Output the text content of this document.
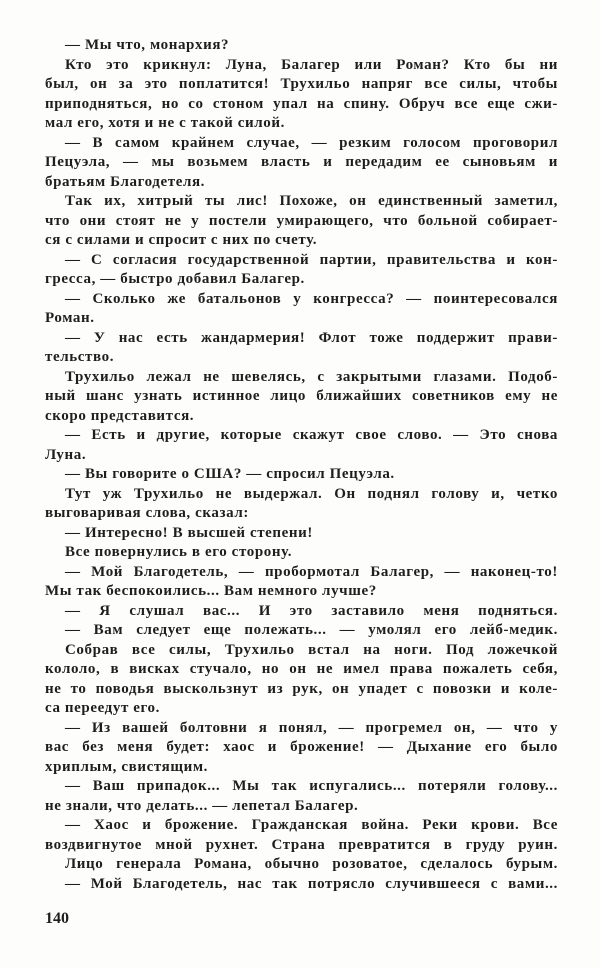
— Мы что, монархия?
Кто это крикнул: Луна, Балагер или Роман? Кто бы ни
был, он за это поплатится! Трухильо напряг все силы, чтобы
приподняться, но со стоном упал на спину. Обруч все еще сжи-
мал его, хотя и не с такой силой.
— В самом крайнем случае, — резким голосом проговорил
Пецуэла, — мы возьмем власть и передадим ее сыновьям и
братьям Благодетеля.
Так их, хитрый ты лис! Похоже, он единственный заметил,
что они стоят не у постели умирающего, что больной собирает-
ся с силами и спросит с них по счету.
— С согласия государственной партии, правительства и кон-
гресса, — быстро добавил Балагер.
— Сколько же батальонов у конгресса? — поинтересовался
Роман.
— У нас есть жандармерия! Флот тоже поддержит прави-
тельство.
Трухильо лежал не шевелясь, с закрытыми глазами. Подоб-
ный шанс узнать истинное лицо ближайших советников ему не
скоро представится.
— Есть и другие, которые скажут свое слово. — Это снова
Луна.
— Вы говорите о США? — спросил Пецуэла.
Тут уж Трухильо не выдержал. Он поднял голову и, четко
выговаривая слова, сказал:
— Интересно! В высшей степени!
Все повернулись в его сторону.
— Мой Благодетель, — пробормотал Балагер, — наконец-то!
Мы так беспокоились... Вам немного лучше?
— Я слушал вас... И это заставило меня подняться.
— Вам следует еще полежать... — умолял его лейб-медик.
Собрав все силы, Трухильо встал на ноги. Под ложечкой
кололо, в висках стучало, но он не имел права пожалеть себя,
не то поводья выскользнут из рук, он упадет с повозки и коле-
са переедут его.
— Из вашей болтовни я понял, — прогремел он, — что у
вас без меня будет: хаос и брожение! — Дыхание его было
хриплым, свистящим.
— Ваш припадок... Мы так испугались... потеряли голову...
не знали, что делать... — лепетал Балагер.
— Хаос и брожение. Гражданская война. Реки крови. Все
воздвигнутое мной рухнет. Страна превратится в груду руин.
Лицо генерала Романа, обычно розоватое, сделалось бурым.
— Мой Благодетель, нас так потрясло случившееся с вами...
140
